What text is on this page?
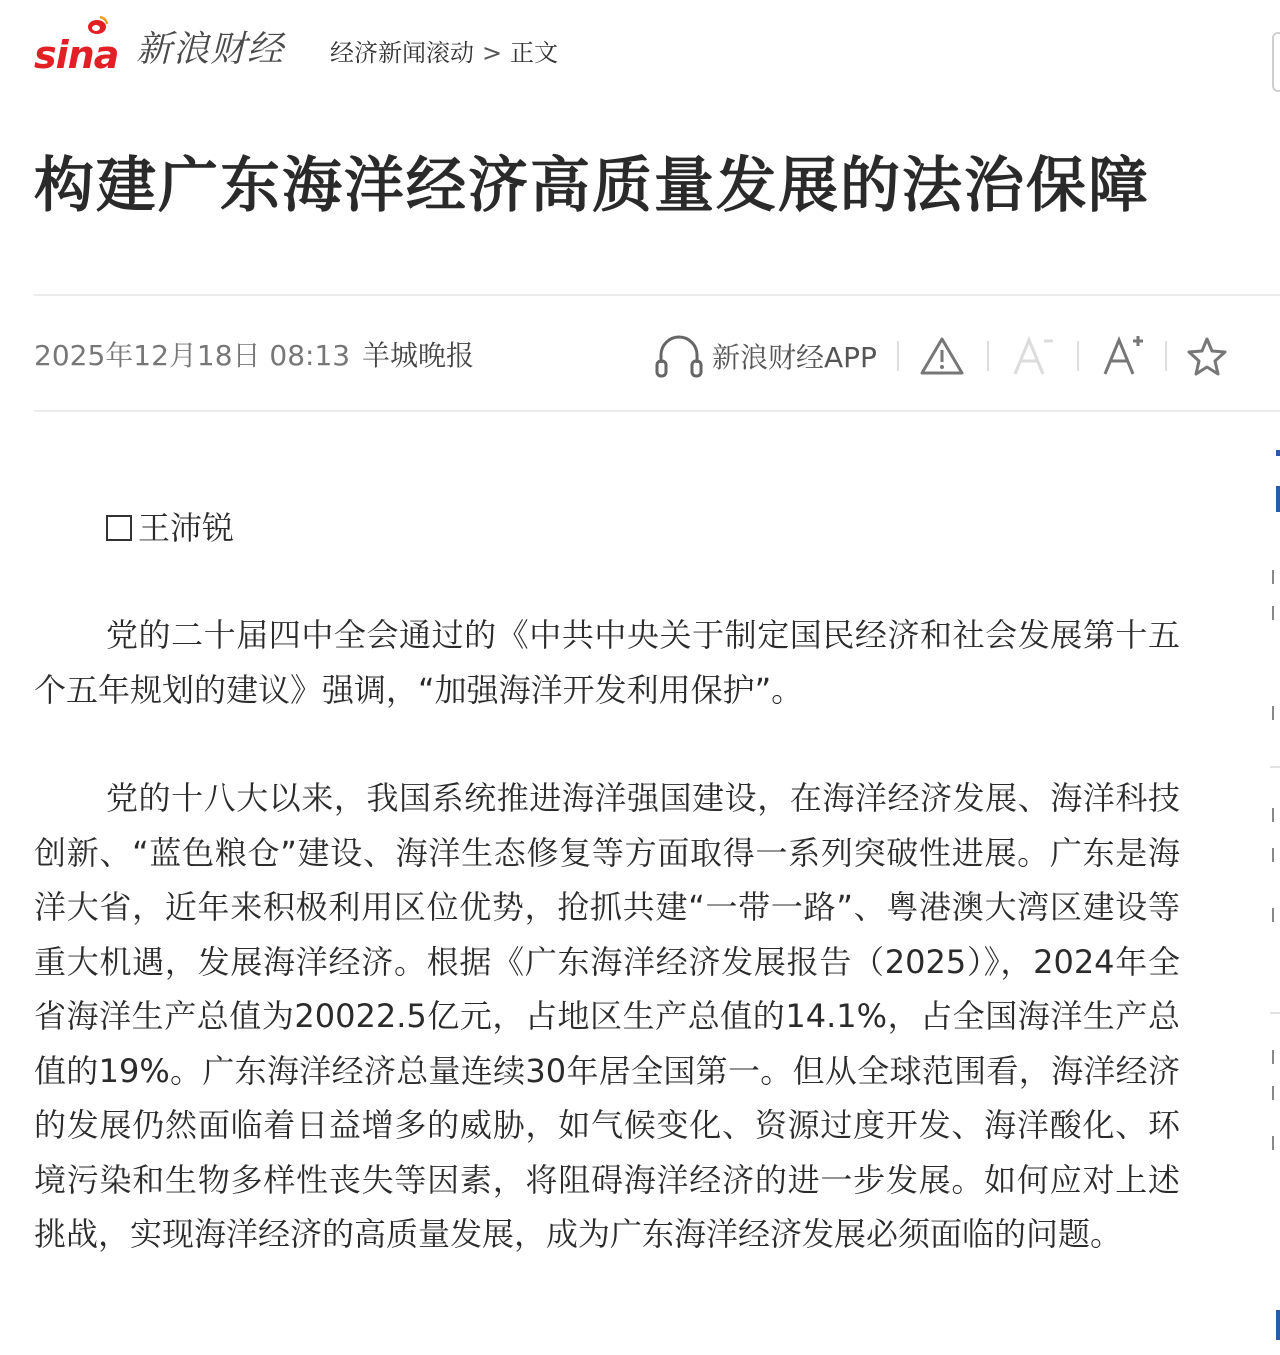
sina 新浪财经 经济新闻滚动 > 正文
构建广东海洋经济高质量发展的法治保障
2025年12月18日 08:13 羊城晚报	新浪财经APP
王沛锐

党的二十届四中全会通过的《中共中央关于制定国民经济和社会发展第十五个五年规划的建议》强调，“加强海洋开发利用保护”。

党的十八大以来，我国系统推进海洋强国建设，在海洋经济发展、海洋科技创新、“蓝色粮仓”建设、海洋生态修复等方面取得一系列突破性进展。广东是海洋大省，近年来积极利用区位优势，抢抓共建“一带一路”、粤港澳大湾区建设等重大机遇，发展海洋经济。根据《广东海洋经济发展报告（2025）》，2024年全省海洋生产总值为20022.5亿元，占地区生产总值的14.1%，占全国海洋生产总值的19%。广东海洋经济总量连续30年居全国第一。但从全球范围看，海洋经济的发展仍然面临着日益增多的威胁，如气候变化、资源过度开发、海洋酸化、环境污染和生物多样性丧失等因素，将阻碍海洋经济的进一步发展。如何应对上述挑战，实现海洋经济的高质量发展，成为广东海洋经济发展必须面临的问题。
